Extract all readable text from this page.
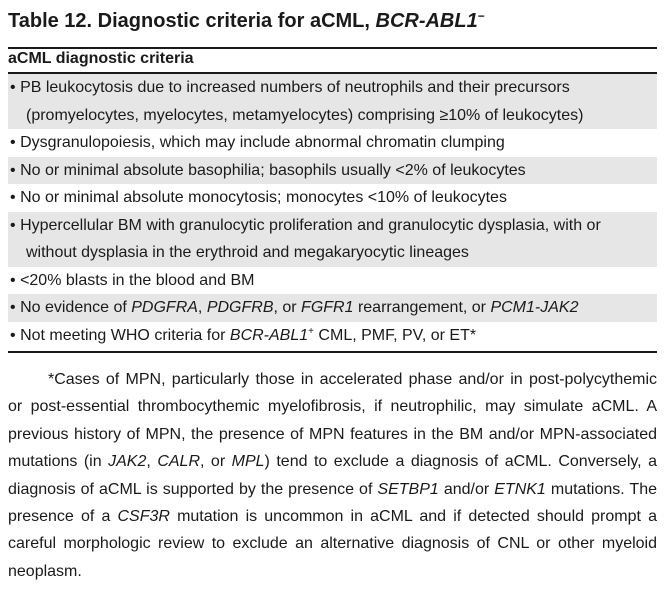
Table 12. Diagnostic criteria for aCML, BCR-ABL1−
aCML diagnostic criteria
• PB leukocytosis due to increased numbers of neutrophils and their precursors
(promyelocytes, myelocytes, metamyelocytes) comprising ≥10% of leukocytes)
• Dysgranulopoiesis, which may include abnormal chromatin clumping
• No or minimal absolute basophilia; basophils usually <2% of leukocytes
• No or minimal absolute monocytosis; monocytes <10% of leukocytes
• Hypercellular BM with granulocytic proliferation and granulocytic dysplasia, with or
without dysplasia in the erythroid and megakaryocytic lineages
• <20% blasts in the blood and BM
• No evidence of PDGFRA, PDGFRB, or FGFR1 rearrangement, or PCM1-JAK2
• Not meeting WHO criteria for BCR-ABL1+ CML, PMF, PV, or ET*

*Cases of MPN, particularly those in accelerated phase and/or in post-polycythemic or post-essential thrombocythemic myelofibrosis, if neutrophilic, may simulate aCML. A previous history of MPN, the presence of MPN features in the BM and/or MPN-associated mutations (in JAK2, CALR, or MPL) tend to exclude a diagnosis of aCML. Conversely, a diagnosis of aCML is supported by the presence of SETBP1 and/or ETNK1 mutations. The presence of a CSF3R mutation is uncommon in aCML and if detected should prompt a careful morphologic review to exclude an alternative diagnosis of CNL or other myeloid neoplasm.
